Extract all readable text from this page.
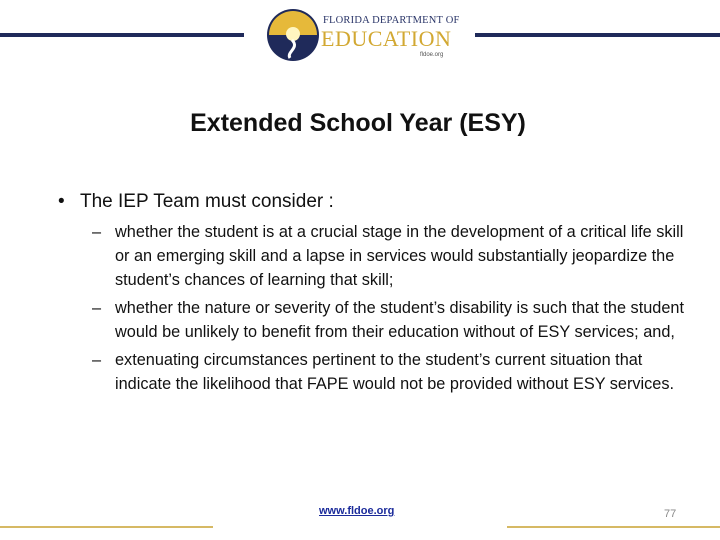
FLORIDA DEPARTMENT OF
EDUCATION
fldoe.org
Extended School Year (ESY)
• The IEP Team must consider :
– whether the student is at a crucial stage in the development of a critical life skill or an emerging skill and a lapse in services would substantially jeopardize the student’s chances of learning that skill;
– whether the nature or severity of the student’s disability is such that the student would be unlikely to benefit from their education without of ESY services; and,
– extenuating circumstances pertinent to the student’s current situation that indicate the likelihood that FAPE would not be provided without ESY services.
www.fldoe.org	77
